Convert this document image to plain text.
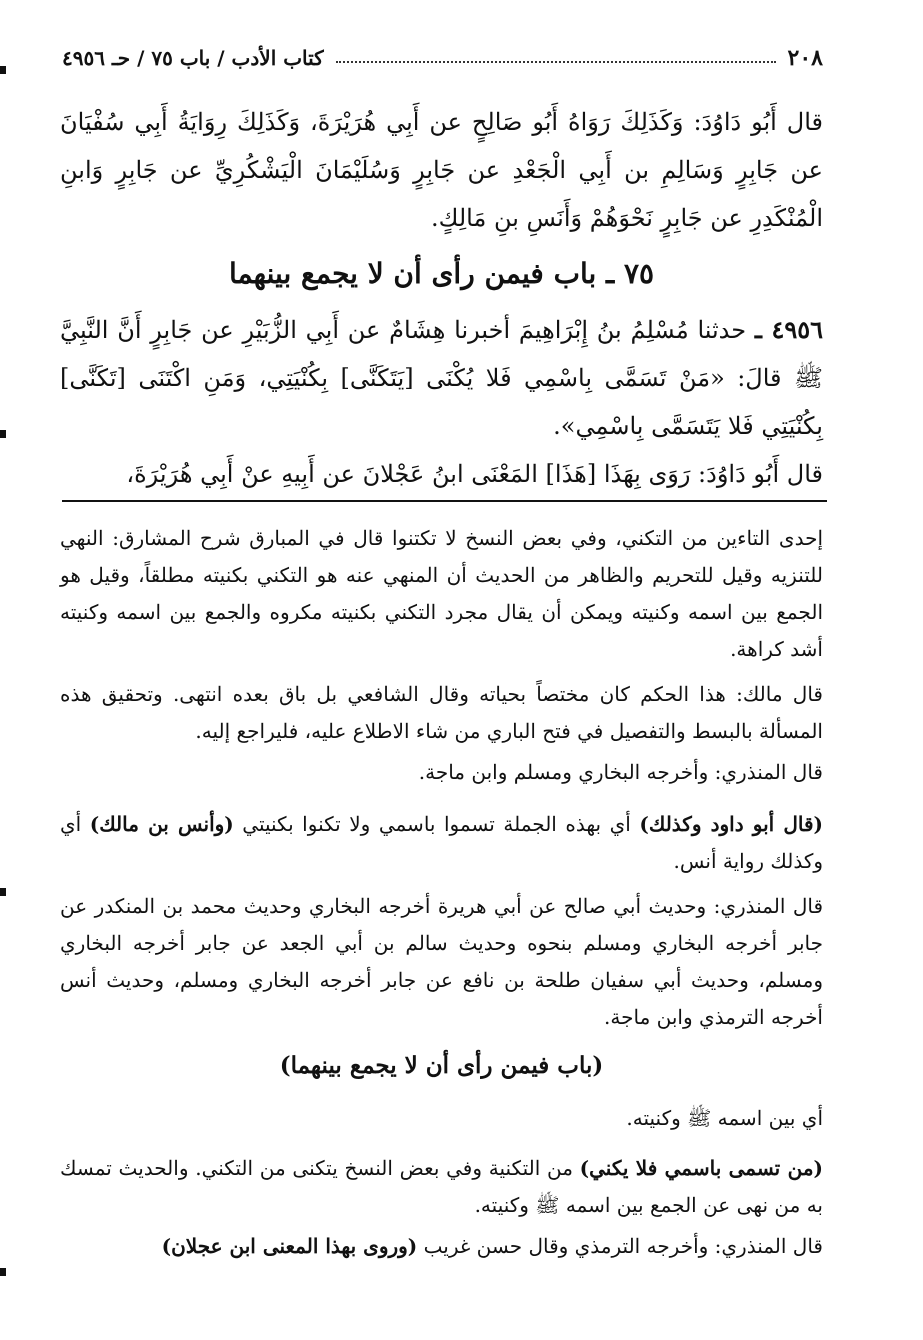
٢٠٨
كتاب الأدب / باب ٧٥ / حـ ٤٩٥٦
قال أَبُو دَاوُدَ: وَكَذَلِكَ رَوَاهُ أَبُو صَالِحٍ عن أَبِي هُرَيْرَةَ، وَكَذَلِكَ رِوَايَةُ أَبِي سُفْيَانَ عن جَابِرٍ وَسَالِمِ بن أَبِي الْجَعْدِ عن جَابِرٍ وَسُلَيْمَانَ الْيَشْكُرِيِّ عن جَابِرٍ وَابنِ الْمُنْكَدِرِ عن جَابِرٍ نَحْوَهُمْ وَأَنَسِ بنِ مَالِكٍ.
٧٥ ـ باب فيمن رأى أن لا يجمع بينهما
٤٩٥٦ ـ حدثنا مُسْلِمُ بنُ إِبْرَاهِيمَ أخبرنا هِشَامٌ عن أَبِي الزُّبَيْرِ عن جَابِرٍ أَنَّ النَّبِيَّ ﷺ قالَ: «مَنْ تَسَمَّى بِاسْمِي فَلا يُكْنَى [يَتَكَنَّى] بِكُنْيَتِي، وَمَنِ اكْتَنَى [تَكَنَّى] بِكُنْيَتِي فَلا يَتَسَمَّى بِاسْمِي».
قال أَبُو دَاوُدَ: رَوَى بِهَذَا [هَذَا] المَعْنَى ابنُ عَجْلانَ عن أَبِيهِ عنْ أَبِي هُرَيْرَةَ،
إحدى التاءين من التكني، وفي بعض النسخ لا تكتنوا قال في المبارق شرح المشارق: النهي للتنزيه وقيل للتحريم والظاهر من الحديث أن المنهي عنه هو التكني بكنيته مطلقاً، وقيل هو الجمع بين اسمه وكنيته ويمكن أن يقال مجرد التكني بكنيته مكروه والجمع بين اسمه وكنيته أشد كراهة.
قال مالك: هذا الحكم كان مختصاً بحياته وقال الشافعي بل باق بعده انتهى. وتحقيق هذه المسألة بالبسط والتفصيل في فتح الباري من شاء الاطلاع عليه، فليراجع إليه.
قال المنذري: وأخرجه البخاري ومسلم وابن ماجة.
(قال أبو داود وكذلك) أي بهذه الجملة تسموا باسمي ولا تكنوا بكنيتي (وأنس بن مالك) أي وكذلك رواية أنس.
قال المنذري: وحديث أبي صالح عن أبي هريرة أخرجه البخاري وحديث محمد بن المنكدر عن جابر أخرجه البخاري ومسلم بنحوه وحديث سالم بن أبي الجعد عن جابر أخرجه البخاري ومسلم، وحديث أبي سفيان طلحة بن نافع عن جابر أخرجه البخاري ومسلم، وحديث أنس أخرجه الترمذي وابن ماجة.
(باب فيمن رأى أن لا يجمع بينهما)
أي بين اسمه ﷺ وكنيته.
(من تسمى باسمي فلا يكني) من التكنية وفي بعض النسخ يتكنى من التكني. والحديث تمسك به من نهى عن الجمع بين اسمه ﷺ وكنيته.
قال المنذري: وأخرجه الترمذي وقال حسن غريب (وروى بهذا المعنى ابن عجلان)
